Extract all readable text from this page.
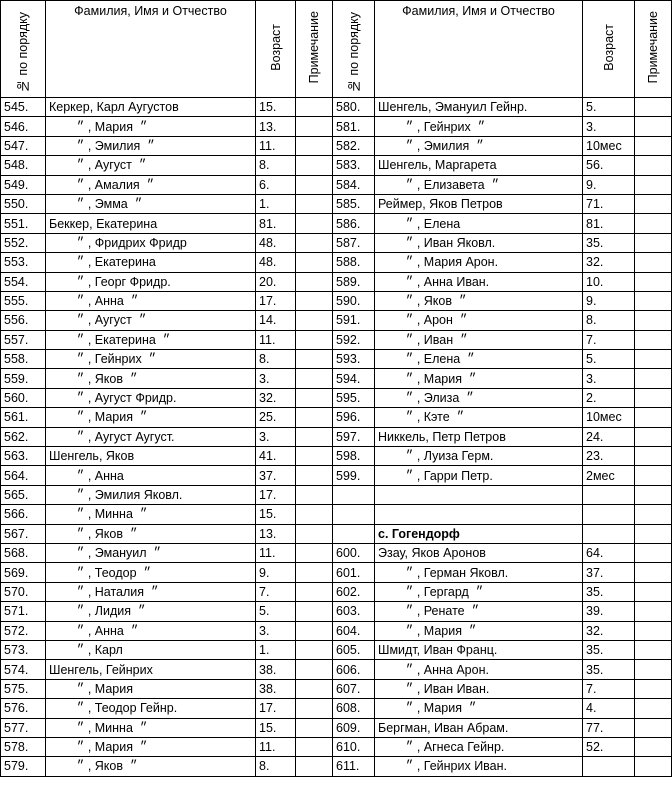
№ по порядку	Фамилия, Имя и Отчество	Возраст	Примечание	№ по порядку	Фамилия, Имя и Отчество	Возраст	Примечание

545.	Керкер, Карл Аугустов	15.		580.	Шенгель, Эмануил Гейнр.	5.	
546.	״ , Мария  ״	13.		581.	״ , Гейнрих  ״	3.	
547.	״ , Эмилия  ״	11.		582.	״ , Эмилия  ״	10мес	
548.	״ , Аугуст  ״	8.		583.	Шенгель, Маргарета	56.	
549.	״ , Амалия  ״	6.		584.	״ , Елизавета  ״	9.	
550.	״ , Эмма  ״	1.		585.	Реймер, Яков Петров	71.	
551.	Беккер, Екатерина	81.		586.	״ , Елена	81.	
552.	״ , Фридрих Фридр	48.		587.	״ , Иван Яковл.	35.	
553.	״ , Екатерина	48.		588.	״ , Мария Арон.	32.	
554.	״ , Георг Фридр.	20.		589.	״ , Анна Иван.	10.	
555.	״ , Анна  ״	17.		590.	״ , Яков  ״	9.	
556.	״ , Аугуст  ״	14.		591.	״ , Арон  ״	8.	
557.	״ , Екатерина  ״	11.		592.	״ , Иван  ״	7.	
558.	״ , Гейнрих  ״	8.		593.	״ , Елена  ״	5.	
559.	״ , Яков  ״	3.		594.	״ , Мария  ״	3.	
560.	״ , Аугуст Фридр.	32.		595.	״ , Элиза  ״	2.	
561.	״ , Мария  ״	25.		596.	״ , Кэте  ״	10мес	
562.	״ , Аугуст Аугуст.	3.		597.	Никкель, Петр Петров	24.	
563.	Шенгель, Яков	41.		598.	״ , Луиза Герм.	23.	
564.	״ , Анна	37.		599.	״ , Гарри Петр.	2мес	
565.	״ , Эмилия Яковл.	17.					
566.	״ , Минна  ״	15.					
567.	״ , Яков  ״	13.			с. Гогендорф		
568.	״ , Эмануил  ״	11.		600.	Эзау, Яков Аронов	64.	
569.	״ , Теодор  ״	9.		601.	״ , Герман Яковл.	37.	
570.	״ , Наталия  ״	7.		602.	״ , Гергард  ״	35.	
571.	״ , Лидия  ״	5.		603.	״ , Ренате  ״	39.	
572.	״ , Анна  ״	3.		604.	״ , Мария  ״	32.	
573.	״ , Карл	1.		605.	Шмидт, Иван Франц.	35.	
574.	Шенгель, Гейнрих	38.		606.	״ , Анна Арон.	35.	
575.	״ , Мария	38.		607.	״ , Иван Иван.	7.	
576.	״ , Теодор Гейнр.	17.		608.	״ , Мария  ״	4.	
577.	״ , Минна  ״	15.		609.	Бергман, Иван Абрам.	77.	
578.	״ , Мария  ״	11.		610.	״ , Агнеса Гейнр.	52.	
579.	״ , Яков  ״	8.		611.	״ , Гейнрих Иван.		
